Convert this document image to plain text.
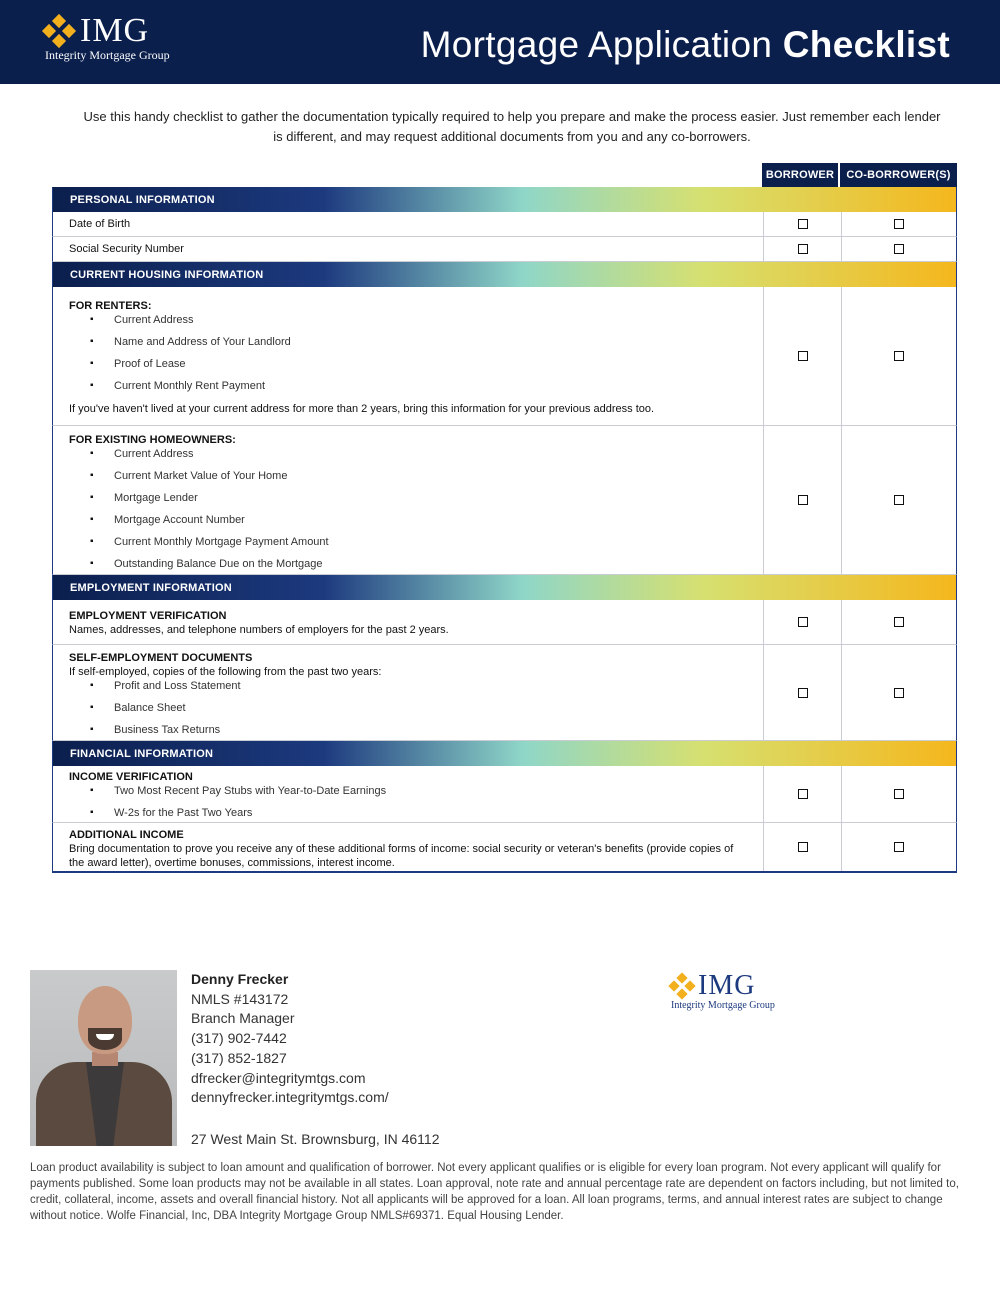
IMG
Integrity Mortgage Group	Mortgage Application Checklist
Use this handy checklist to gather the documentation typically required to help you prepare and make the process easier. Just remember each lender is different, and may request additional documents from you and any co-borrowers.
BORROWER	CO-BORROWER(S)
PERSONAL INFORMATION
Date of Birth
Social Security Number
CURRENT HOUSING INFORMATION
FOR RENTERS:
▪ Current Address
▪ Name and Address of Your Landlord
▪ Proof of Lease
▪ Current Monthly Rent Payment
If you've haven't lived at your current address for more than 2 years, bring this information for your previous address too.
FOR EXISTING HOMEOWNERS:
▪ Current Address
▪ Current Market Value of Your Home
▪ Mortgage Lender
▪ Mortgage Account Number
▪ Current Monthly Mortgage Payment Amount
▪ Outstanding Balance Due on the Mortgage
EMPLOYMENT INFORMATION
EMPLOYMENT VERIFICATION
Names, addresses, and telephone numbers of employers for the past 2 years.
SELF-EMPLOYMENT DOCUMENTS
If self-employed, copies of the following from the past two years:
▪ Profit and Loss Statement
▪ Balance Sheet
▪ Business Tax Returns
FINANCIAL INFORMATION
INCOME VERIFICATION
▪ Two Most Recent Pay Stubs with Year-to-Date Earnings
▪ W-2s for the Past Two Years
ADDITIONAL INCOME
Bring documentation to prove you receive any of these additional forms of income: social security or veteran's benefits (provide copies of the award letter), overtime bonuses, commissions, interest income.
Denny Frecker
NMLS #143172
Branch Manager
(317) 902-7442
(317) 852-1827
dfrecker@integritymtgs.com
dennyfrecker.integritymtgs.com/
27 West Main St. Brownsburg, IN 46112
IMG
Integrity Mortgage Group
Loan product availability is subject to loan amount and qualification of borrower. Not every applicant qualifies or is eligible for every loan program. Not every applicant will qualify for payments published. Some loan products may not be available in all states. Loan approval, note rate and annual percentage rate are dependent on factors including, but not limited to, credit, collateral, income, assets and overall financial history. Not all applicants will be approved for a loan. All loan programs, terms, and annual interest rates are subject to change without notice. Wolfe Financial, Inc, DBA Integrity Mortgage Group NMLS#69371. Equal Housing Lender.
